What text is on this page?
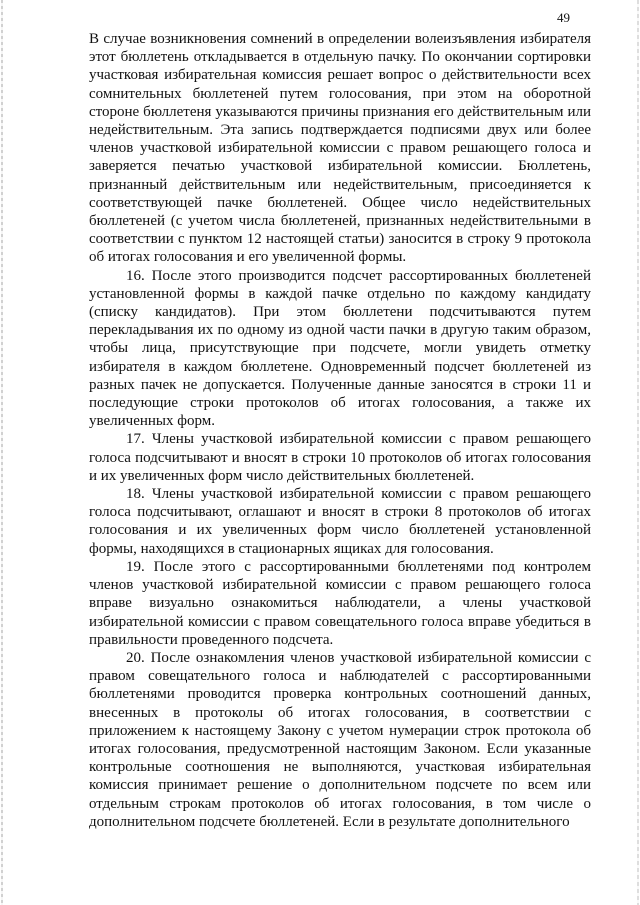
49

В случае возникновения сомнений в определении волеизъявления избирателя этот бюллетень откладывается в отдельную пачку. По окончании сортировки участковая избирательная комиссия решает вопрос о действительности всех сомнительных бюллетеней путем голосования, при этом на оборотной стороне бюллетеня указываются причины признания его действительным или недействительным. Эта запись подтверждается подписями двух или более членов участковой избирательной комиссии с правом решающего голоса и заверяется печатью участковой избирательной комиссии. Бюллетень, признанный действительным или недействительным, присоединяется к соответствующей пачке бюллетеней. Общее число недействительных бюллетеней (с учетом числа бюллетеней, признанных недействительными в соответствии с пунктом 12 настоящей статьи) заносится в строку 9 протокола об итогах голосования и его увеличенной формы.

16. После этого производится подсчет рассортированных бюллетеней установленной формы в каждой пачке отдельно по каждому кандидату (списку кандидатов). При этом бюллетени подсчитываются путем перекладывания их по одному из одной части пачки в другую таким образом, чтобы лица, присутствующие при подсчете, могли увидеть отметку избирателя в каждом бюллетене. Одновременный подсчет бюллетеней из разных пачек не допускается. Полученные данные заносятся в строки 11 и последующие строки протоколов об итогах голосования, а также их увеличенных форм.

17. Члены участковой избирательной комиссии с правом решающего голоса подсчитывают и вносят в строки 10 протоколов об итогах голосования и их увеличенных форм число действительных бюллетеней.

18. Члены участковой избирательной комиссии с правом решающего голоса подсчитывают, оглашают и вносят в строки 8 протоколов об итогах голосования и их увеличенных форм число бюллетеней установленной формы, находящихся в стационарных ящиках для голосования.

19. После этого с рассортированными бюллетенями под контролем членов участковой избирательной комиссии с правом решающего голоса вправе визуально ознакомиться наблюдатели, а члены участковой избирательной комиссии с правом совещательного голоса вправе убедиться в правильности проведенного подсчета.

20. После ознакомления членов участковой избирательной комиссии с правом совещательного голоса и наблюдателей с рассортированными бюллетенями проводится проверка контрольных соотношений данных, внесенных в протоколы об итогах голосования, в соответствии с приложением к настоящему Закону с учетом нумерации строк протокола об итогах голосования, предусмотренной настоящим Законом. Если указанные контрольные соотношения не выполняются, участковая избирательная комиссия принимает решение о дополнительном подсчете по всем или отдельным строкам протоколов об итогах голосования, в том числе о дополнительном подсчете бюллетеней. Если в результате дополнительного
